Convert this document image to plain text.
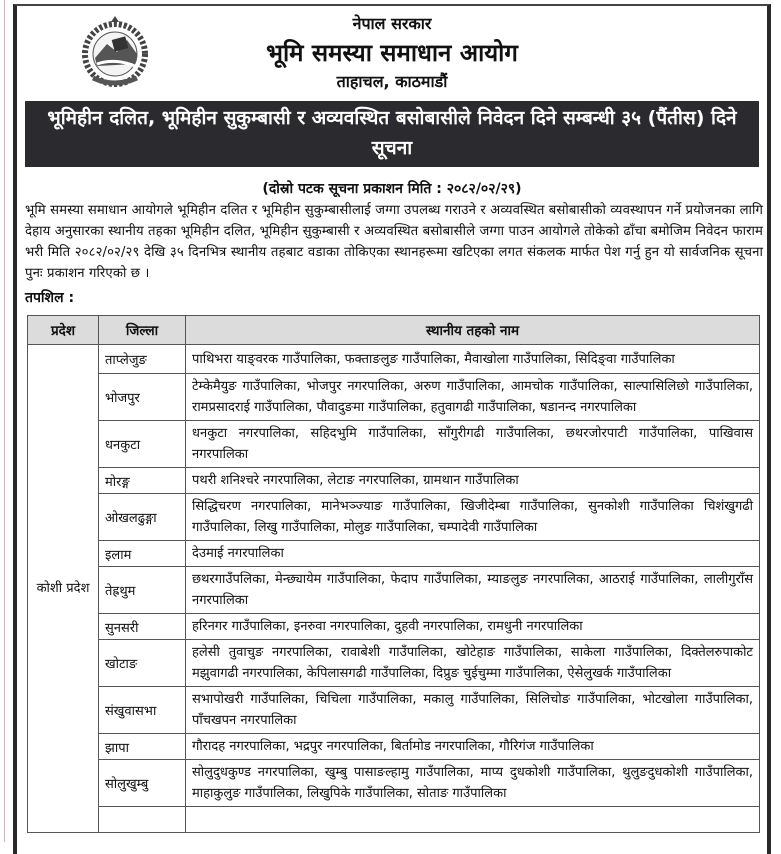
नेपाल सरकार
भूमि समस्या समाधान आयोग
ताहाचल, काठमाडौं
भूमिहीन दलित, भूमिहीन सुकुम्बासी र अव्यवस्थित बसोबासीले निवेदन दिने सम्बन्धी ३५ (पैंतीस) दिने सूचना
(दोस्रो पटक सूचना प्रकाशन मिति : २०८२/०२/२९)
भूमि समस्या समाधान आयोगले भूमिहीन दलित र भूमिहीन सुकुम्बासीलाई जग्गा उपलब्ध गराउने र अव्यवस्थित बसोबासीको व्यवस्थापन गर्ने प्रयोजनका लागि देहाय अनुसारका स्थानीय तहका भूमिहीन दलित, भूमिहीन सुकुम्बासी र अव्यवस्थित बसोबासीले जग्गा पाउन आयोगले तोकेको ढाँचा बमोजिम निवेदन फाराम भरी मिति २०८२/०२/२९ देखि ३५ दिनभित्र स्थानीय तहबाट वडाका तोकिएका स्थानहरूमा खटिएका लगत संकलक मार्फत पेश गर्नु हुन यो सार्वजनिक सूचना पुनः प्रकाशन गरिएको छ ।
तपशिल :
प्रदेश	जिल्ला	स्थानीय तहको नाम
कोशी प्रदेश	ताप्लेजुङ	पाथिभरा याङ्वरक गाउँपालिका, फक्ताङलुङ गाउँपालिका, मैवाखोला गाउँपालिका, सिदिङ्वा गाउँपालिका
	भोजपुर	टेम्केमैयुङ गाउँपालिका, भोजपुर नगरपालिका, अरुण गाउँपालिका, आमचोक गाउँपालिका, साल्पासिलिछो गाउँपालिका, रामप्रसादराई गाउँपालिका, पौवादुङमा गाउँपालिका, हतुवागढी गाउँपालिका, षडानन्द नगरपालिका
	धनकुटा	धनकुटा नगरपालिका, सहिदभुमि गाउँपालिका, साँगुरीगढी गाउँपालिका, छथरजोरपाटी गाउँपालिका, पाखिवास नगरपालिका
	मोरङ्ग	पथरी शनिश्चरे नगरपालिका, लेटाङ नगरपालिका, ग्रामथान गाउँपालिका
	ओखलढुङ्गा	सिद्धिचरण नगरपालिका, मानेभञ्ज्याङ गाउँपालिका, खिजीदेम्बा गाउँपालिका, सुनकोशी गाउँपालिका चिशंखुगढी गाउँपालिका, लिखु गाउँपालिका, मोलुङ गाउँपालिका, चम्पादेवी गाउँपालिका
	इलाम	देउमाई नगरपालिका
	तेह्रथुम	छथरगाउँपलिका, मेन्छ्यायेम गाउँपालिका, फेदाप गाउँपालिका, म्याङलुङ नगरपालिका, आठराई गाउँपालिका, लालीगुराँस नगरपालिका
	सुनसरी	हरिनगर गाउँपालिका, इनरुवा नगरपालिका, दुहवी नगरपालिका, रामधुनी नगरपालिका
	खोटाङ	हलेसी तुवाचुङ नगरपालिका, रावाबेशी गाउँपालिका, खोटेहाङ गाउँपालिका, साकेला गाउँपालिका, दिक्तेलरुपाकोट मझुवागढी नगरपालिका, केपिलासगढी गाउँपालिका, दिप्रुङ चुईचुम्मा गाउँपालिका, ऐसेलुखर्क गाउँपालिका
	संखुवासभा	सभापोखरी गाउँपालिका, चिचिला गाउँपालिका, मकालु गाउँपालिका, सिलिचोङ गाउँपालिका, भोटखोला गाउँपालिका, पाँचखपन नगरपालिका
	झापा	गौरादह नगरपालिका, भद्रपुर नगरपालिका, बिर्तामोड नगरपालिका, गौरिगंज गाउँपालिका
	सोलुखुम्बु	सोलुदुधकुण्ड नगरपालिका, खुम्बु पासाङल्हामु गाउँपालिका, माप्य दुधकोशी गाउँपालिका, थुलुङदुधकोशी गाउँपालिका, माहाकुलुङ गाउँपालिका, लिखुपिके गाउँपालिका, सोताङ गाउँपालिका
